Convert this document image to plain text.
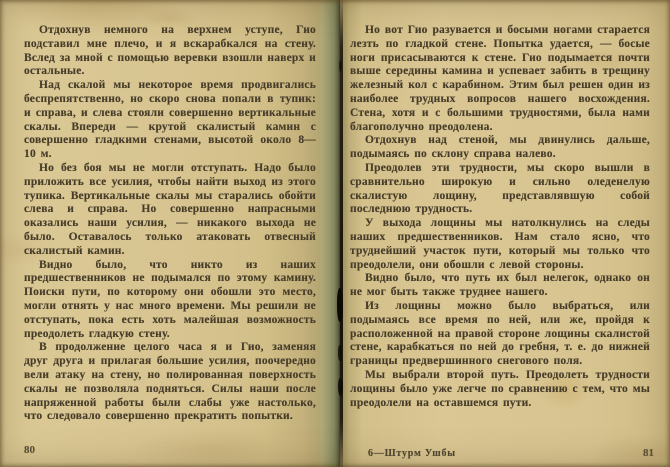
Отдохнув немного на верхнем уступе, Гио подставил мне плечо, и я вскарабкался на стену. Вслед за мной с помощью веревки взошли наверх и остальные.

Над скалой мы некоторое время продвигались беспрепятственно, но скоро снова попали в тупик: и справа, и слева стояли совершенно вертикальные скалы. Впереди — крутой скалистый камин с совершенно гладкими стенами, высотой около 8—10 м.

Но без боя мы не могли отступать. Надо было приложить все усилия, чтобы найти выход из этого тупика. Вертикальные скалы мы старались обойти слева и справа. Но совершенно напрасными оказались наши усилия, — никакого выхода не было. Оставалось только атаковать отвесный скалистый камин.

Видно было, что никто из наших предшественников не подымался по этому камину. Поиски пути, по которому они обошли это место, могли отнять у нас много времени. Мы решили не отступать, пока есть хоть малейшая возможность преодолеть гладкую стену.

В продолжение целого часа я и Гио, заменяя друг друга и прилагая большие усилия, поочередно вели атаку на стену, но полированная поверхность скалы не позволяла подняться. Силы наши после напряженной работы были слабы уже настолько, что следовало совершенно прекратить попытки.

80

Но вот Гио разувается и босыми ногами старается лезть по гладкой стене. Попытка удается, — босые ноги присасываются к стене. Гио подымается почти выше середины камина и успевает забить в трещину железный кол с карабином. Этим был решен один из наиболее трудных вопросов нашего восхождения. Стена, хотя и с большими трудностями, была нами благополучно преодолена.

Отдохнув над стеной, мы двинулись дальше, подымаясь по склону справа налево.

Преодолев эти трудности, мы скоро вышли в сравнительно широкую и сильно оледенелую скалистую лощину, представлявшую собой последнюю трудность.

У выхода лощины мы натолкнулись на следы наших предшественников. Нам стало ясно, что труднейший участок пути, который мы только что преодолели, они обошли с левой стороны.

Видно было, что путь их был нелегок, однако он не мог быть также труднее нашего.

Из лощины можно было выбраться, или подымаясь все время по ней, или же, пройдя к расположенной на правой стороне лощины скалистой стене, карабкаться по ней до гребня, т. е. до нижней границы предвершинного снегового поля.

Мы выбрали второй путь. Преодолеть трудности лощины было уже легче по сравнению с тем, что мы преодолели на оставшемся пути.

6—Штурм Ушбы	81
